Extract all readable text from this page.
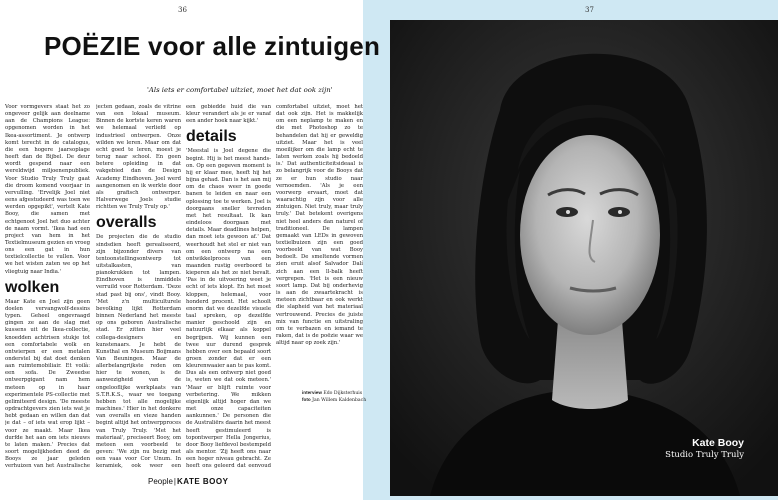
36	37
POËZIE voor alle zintuigen
'Als iets er comfortabel uitziet, moet het dat ook zijn'

Voor vormgevers staat het zo ongeveer gelijk aan deelname aan de Champions League: opgenomen worden in het Ikea-assortiment. Je ontwerp komt terecht in de catalogus, die een hogere jaarsoplage heeft dan de Bijbel. De deur wordt gespend naar een wereldwijd miljoenenpubliek. Voor Studio Truly Truly gaat die droom komend voorjaar in vervulling. 'Ervelijk Joel niet eens afgestudeerd was toen we werden opgepikt', vertelt Kate Booy, die samen met echtgenoot Joel het duo achter de naam vormt. 'Ikea had een project van hem in het Textielmuseum gezien en vroeg ons een gat in hun textielcollectie te vullen. Voor we het wisten zaten we op het vliegtuig naar India.'

wolken

Maar Kate en Joel zijn geen doelen vervangwolf-dessins typen. Geheel ongevraagd gingen ze aan de slag met kussens uit de Ikea-collectie, knoedden achtrisen stukje tot een comfortabele wolk en ontwierpen er een metalen onderstel bij dat doet denken aan ruimtemobiliair. Et voilà: een sofa. De Zweedse ontwerpgigant nam hem meteen op in haar experimentele PS-collectie met gelimiteerd design. 'De meeste opdrachtgevers zien iets wat je hebt gedaan en willen dan dat je dat – of iets wat erop lijkt – voor ze maakt. Maar Ikea durfde het aan om iets nieuws te laten maken.' Precies dat soort mogelijkheden deed de Booys ze jaar geleden verhuizen van het Australische

jecten gedaan, zoals de vitrine van een lokaal museum. Binnen de kortste keren waren we helemaal verliefd op industrieel ontwerpen. Onze wilden we leren. Maar om dat echt goed te leren, moest je terug naar school. En geen betere opleiding in dat vakgebied dan de Design Academy Eindhoven. Joel werd aangenomen en ik werkte door als grafisch ontwerper. Halverwege Joels studie richtten we Truly Truly op.'

overalls

De projecten die de studio sindsdien heeft gerealiseerd, zijn bijzonder divers van tentoonstellingsontwerp tot uitstalkasten, van pianokrukken tot lampen. Eindhoven is inmiddels verruild voor Rotterdam. 'Deze stad past bij ons', vindt Booy. 'Met z'n multiculturele bevolking lijkt Rotterdam binnen Nederland het meeste op ons geboren Australische stad. Er zitten hier veel collega-designers en kunstenaars. Je hebt de Kunsthal en Museum Boijmans Van Beuningen. Maar de allerbelangrijkste reden om hier te wonen, is de aanwezigheid van de ongelooflijke werkplaats van S.T.R.K.S., waar we toegang hebben tot alle mogelijke machines.' Hier in het donkere van overalls en vieze handen begint altijd het ontwerpproces van Truly Truly. 'Met het materiaal', preciseert Booy, om meteen een voorbeeld te geven: 'We zijn nu bezig met een vaas voor Cor Unum. In keramiek, ook weer een

een gebiedde huid die van kleur verandert als je er vanaf een ander hoek naar kijkt.'

details

'Meestal is Joel degene die begint. Hij is het meest hands-on. Op een gegeven moment is hij er klaar mee, heeft hij het bijna gehad. Dan is het aan mij om de chaos weer in goede banen te leiden en naar een oplossing toe te werken. Joel is doorgaans sneller tevreden met het resultaat. Ik kan eindeloos doorgaan met details. Maar deadlines helpen, dan moet iets gewoon af.' Dat weerhoudt het stel er niet van om een ontwerp na een ontwikkelproces van een maanden rustig overboord te kieperen als het ze niet bevalt. 'Pas in de uitvoering weet je echt of iets klopt. En het moet kloppen, helemaal, voor honderd procent. Het schoolt enorm dat we dezelfde visuele taal spreken, op dezelfde manier geschoold zijn en natuurlijk elkaar als koppel begrijpen. Wij kunnen een twee uur durend gesprek hebben over een bepaald soort groen zonder dat er een kleurenwaaier aan te pas komt. Dus als een ontwerp niet goed is, weten we dat ook meteen.' 'Maar er blijft ruimte voor verbetering. We mikken eigenlijk altijd hoger dan we met onze capaciteiten aankunnen.' De personen die de Australiërs daarin het meest heeft gestimuleerd is topontwerper Hella Jongerius, door Booy liefdevol bestempeld als mentor. 'Zij heeft ons naar een hoger niveau gebracht. Ze heeft ons geleerd dat eenvoud

comfortabel uitziet, moet het dat ook zijn. Het is makkelijk om een neplamp te maken en die met Photoshop zo te behandelen dat hij er geweldig uitziet. Maar het is veel moeilijker om die lamp echt te laten werken zoals hij bedoeld is.' Dat authenticiteitsideaal is zo belangrijk voor de Booys dat ze er hun studio naar vernoemden. 'Als je een voorwerp ervaart, moet dat waarachtig zijn voor alle zintuigen. Niet truly, maar truly truly.' Dat betekent overigens niet heel anders dan naturel of traditioneel. De lampen gemaakt van LEDs in gewoven textielbuizen zijn een goed voorbeeld van wat Booy bedoelt. De smeltende vormen zien eruit alsof Salvador Dalí zich aan een ll-balk heeft vergrepen. 'Het is een nieuw soort lamp. Dat bij onderhevig is aan de zwaartekracht is meteen zichtbaar en ook werkt die slapheid van het materiaal vertrouwend. Precies de juiste mix van functie en uitstraling om te verbazen en iemand te raken, dat is de poëzie waar we altijd naar op zoek zijn.'

interview Edo Dijksterhuis
foto Jan Willem Kaldenbach
People|KATE BOOY
Kate Booy
Studio Truly Truly
